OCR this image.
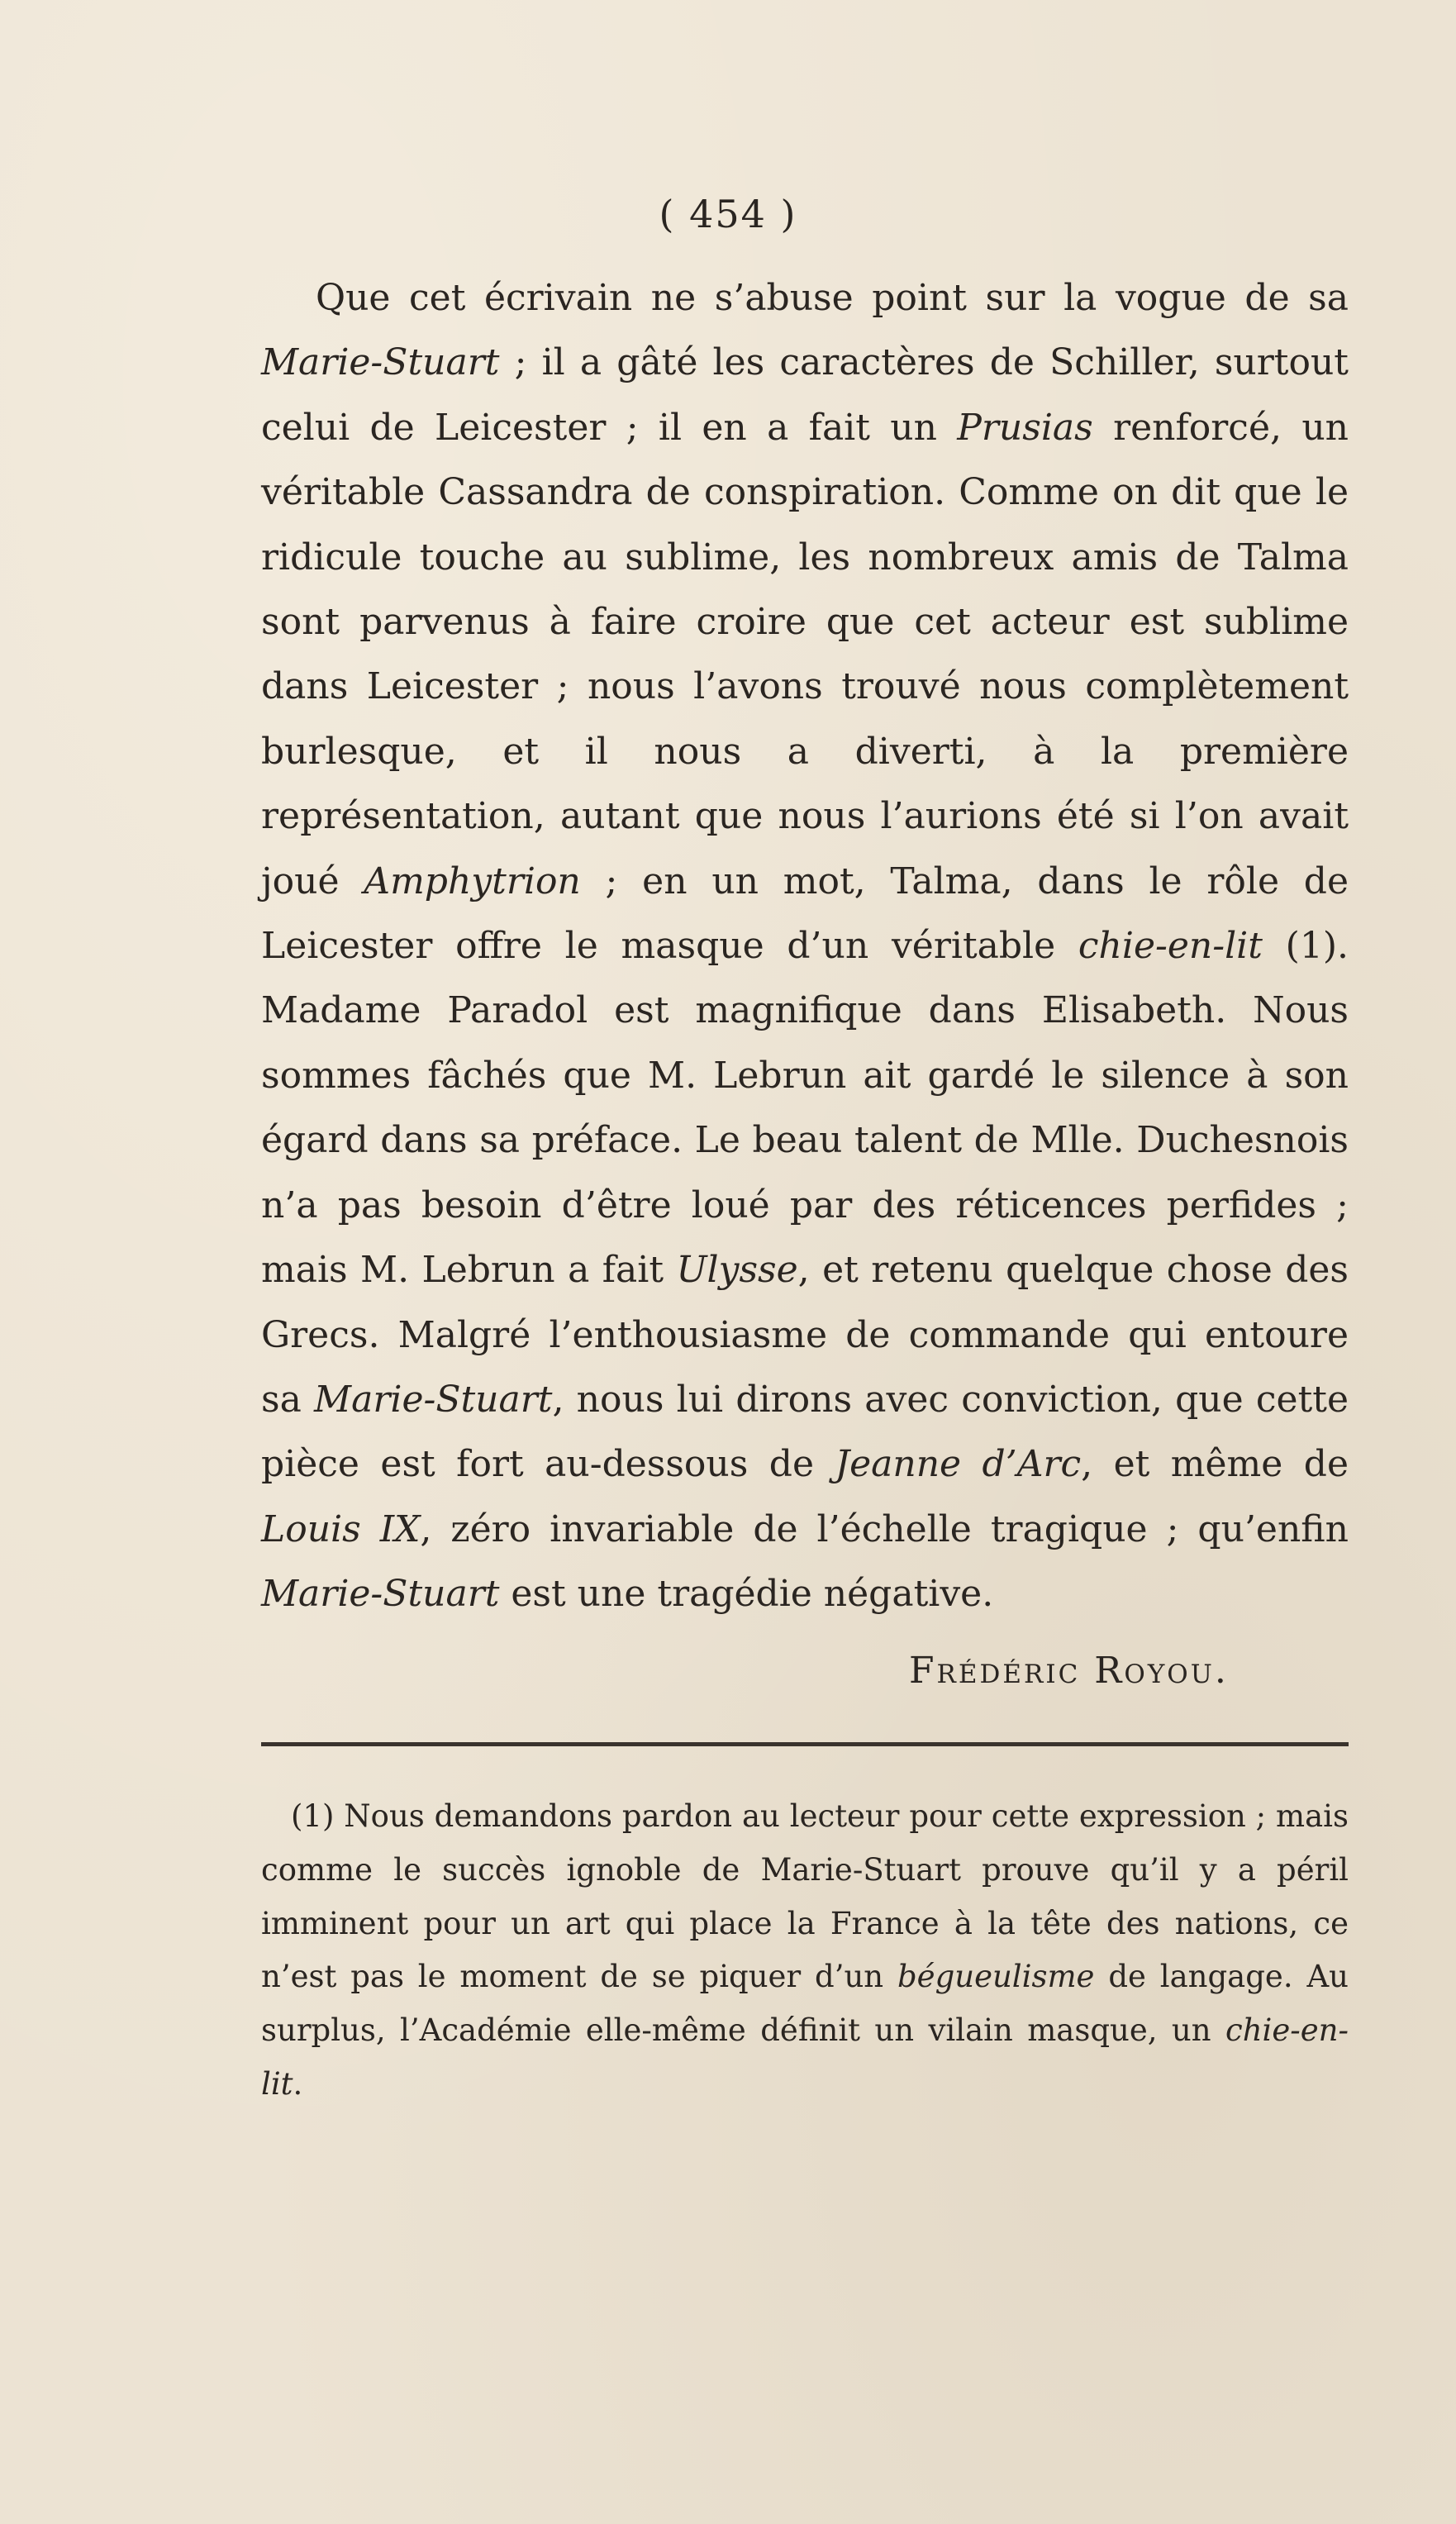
( 454 )

Que cet écrivain ne s’abuse point sur la vogue de sa Marie-Stuart ; il a gâté les caractères de Schiller, surtout celui de Leicester ; il en a fait un Prusias renforcé, un véritable Cassandra de conspiration. Comme on dit que le ridicule touche au sublime, les nombreux amis de Talma sont parvenus à faire croire que cet acteur est sublime dans Leicester ; nous l’avons trouvé nous complètement burlesque, et il nous a diverti, à la première représentation, autant que nous l’aurions été si l’on avait joué Amphytrion ; en un mot, Talma, dans le rôle de Leicester offre le masque d’un véritable chie-en-lit (1). Madame Paradol est magnifique dans Elisabeth. Nous sommes fâchés que M. Lebrun ait gardé le silence à son égard dans sa préface. Le beau talent de Mlle. Duchesnois n’a pas besoin d’être loué par des réticences perfides ; mais M. Lebrun a fait Ulysse, et retenu quelque chose des Grecs. Malgré l’enthousiasme de commande qui entoure sa Marie-Stuart, nous lui dirons avec conviction, que cette pièce est fort au-dessous de Jeanne d’Arc, et même de Louis IX, zéro invariable de l’échelle tragique ; qu’enfin Marie-Stuart est une tragédie négative.

Frédéric Royou.

(1) Nous demandons pardon au lecteur pour cette expression ; mais comme le succès ignoble de Marie-Stuart prouve qu’il y a péril imminent pour un art qui place la France à la tête des nations, ce n’est pas le moment de se piquer d’un bégueulisme de langage. Au surplus, l’Académie elle-même définit un vilain masque, un chie-en-lit.
